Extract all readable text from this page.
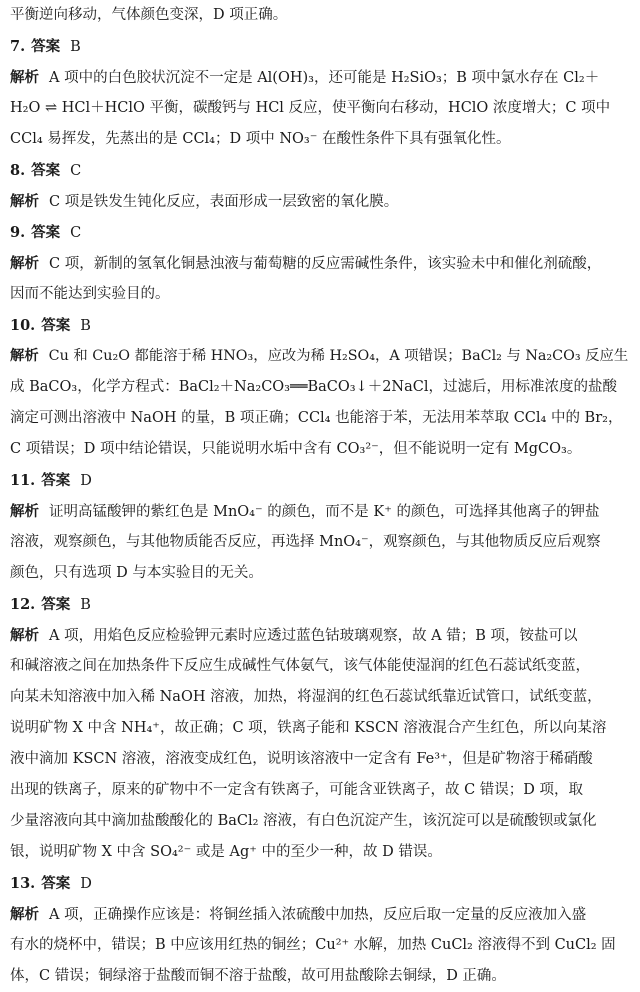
平衡逆向移动，气体颜色变深，D 项正确。
7. 答案 B
解析 A 项中的白色胶状沉淀不一定是 Al(OH)₃，还可能是 H₂SiO₃；B 项中氯水存在 Cl₂＋
H₂O ⇌ HCl＋HClO 平衡，碳酸钙与 HCl 反应，使平衡向右移动，HClO 浓度增大；C 项中
CCl₄ 易挥发，先蒸出的是 CCl₄；D 项中 NO₃⁻ 在酸性条件下具有强氧化性。
8. 答案 C
解析 C 项是铁发生钝化反应，表面形成一层致密的氧化膜。
9. 答案 C
解析 C 项，新制的氢氧化铜悬浊液与葡萄糖的反应需碱性条件，该实验未中和催化剂硫酸，
因而不能达到实验目的。
10. 答案 B
解析 Cu 和 Cu₂O 都能溶于稀 HNO₃，应改为稀 H₂SO₄，A 项错误；BaCl₂ 与 Na₂CO₃ 反应生
成 BaCO₃，化学方程式：BaCl₂＋Na₂CO₃══BaCO₃↓＋2NaCl，过滤后，用标准浓度的盐酸
滴定可测出溶液中 NaOH 的量，B 项正确；CCl₄ 也能溶于苯，无法用苯萃取 CCl₄ 中的 Br₂，
C 项错误；D 项中结论错误，只能说明水垢中含有 CO₃²⁻，但不能说明一定有 MgCO₃。
11. 答案 D
解析 证明高锰酸钾的紫红色是 MnO₄⁻ 的颜色，而不是 K⁺ 的颜色，可选择其他离子的钾盐
溶液，观察颜色，与其他物质能否反应，再选择 MnO₄⁻，观察颜色，与其他物质反应后观察
颜色，只有选项 D 与本实验目的无关。
12. 答案 B
解析 A 项，用焰色反应检验钾元素时应透过蓝色钴玻璃观察，故 A 错；B 项，铵盐可以
和碱溶液之间在加热条件下反应生成碱性气体氨气，该气体能使湿润的红色石蕊试纸变蓝，
向某未知溶液中加入稀 NaOH 溶液，加热，将湿润的红色石蕊试纸靠近试管口，试纸变蓝，
说明矿物 X 中含 NH₄⁺，故正确；C 项，铁离子能和 KSCN 溶液混合产生红色，所以向某溶
液中滴加 KSCN 溶液，溶液变成红色，说明该溶液中一定含有 Fe³⁺，但是矿物溶于稀硝酸
出现的铁离子，原来的矿物中不一定含有铁离子，可能含亚铁离子，故 C 错误；D 项，取
少量溶液向其中滴加盐酸酸化的 BaCl₂ 溶液，有白色沉淀产生，该沉淀可以是硫酸钡或氯化
银，说明矿物 X 中含 SO₄²⁻ 或是 Ag⁺ 中的至少一种，故 D 错误。
13. 答案 D
解析 A 项，正确操作应该是：将铜丝插入浓硫酸中加热，反应后取一定量的反应液加入盛
有水的烧杯中，错误；B 中应该用红热的铜丝；Cu²⁺ 水解，加热 CuCl₂ 溶液得不到 CuCl₂ 固
体，C 错误；铜绿溶于盐酸而铜不溶于盐酸，故可用盐酸除去铜绿，D 正确。
